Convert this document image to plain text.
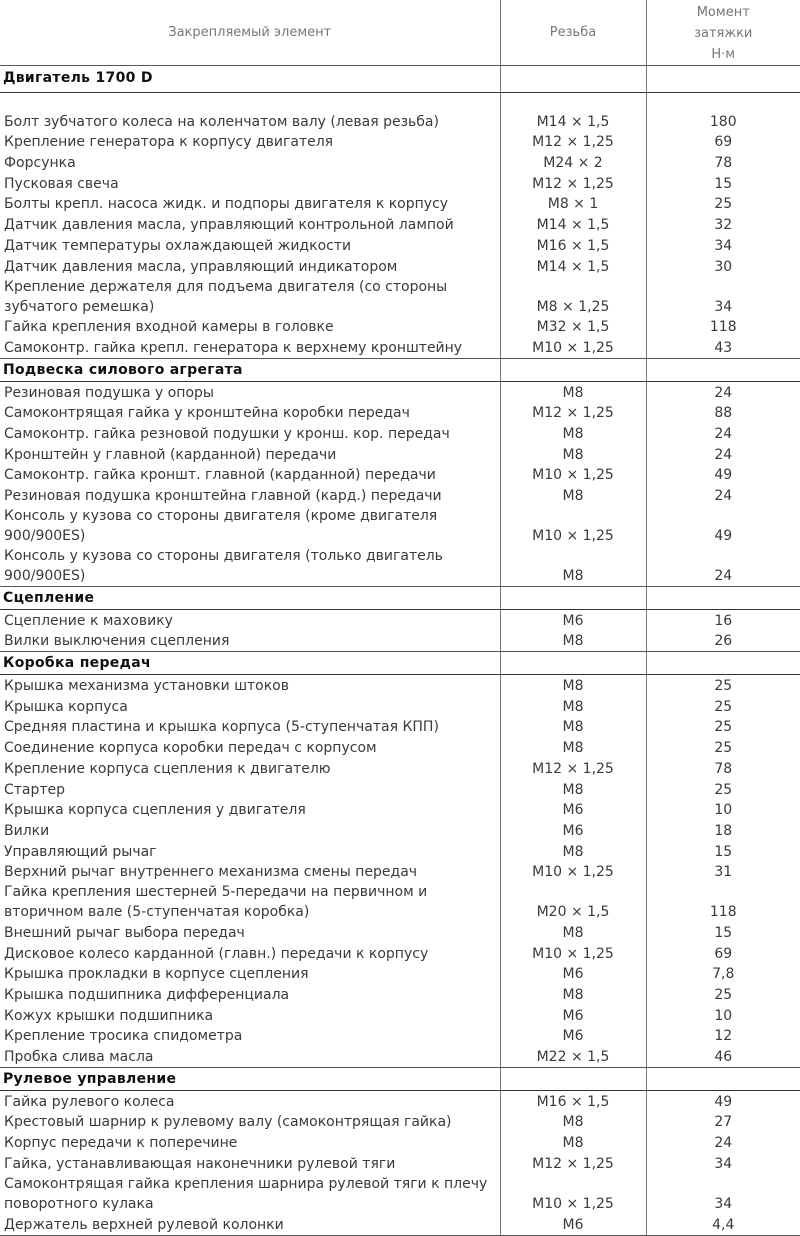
Закрепляемый элемент	Резьба	Момент
затяжки
Н·м

Двигатель 1700 D		

Болт зубчатого колеса на коленчатом валу (левая резьба)	M14 × 1,5	180
Крепление генератора к корпусу двигателя	M12 × 1,25	69
Форсунка	M24 × 2	78
Пусковая свеча	M12 × 1,25	15
Болты крепл. насоса жидк. и подпоры двигателя к корпусу	M8 × 1	25
Датчик давления масла, управляющий контрольной лампой	M14 × 1,5	32
Датчик температуры охлаждающей жидкости	M16 × 1,5	34
Датчик давления масла, управляющий индикатором	M14 × 1,5	30
Крепление держателя для подъема двигателя (со стороны зубчатого ремешка)	M8 × 1,25	34
Гайка крепления входной камеры в головке	M32 × 1,5	118
Самоконтр. гайка крепл. генератора к верхнему кронштейну	M10 × 1,25	43
Подвеска силового агрегата		
Резиновая подушка у опоры	M8	24
Самоконтрящая гайка у кронштейна коробки передач	M12 × 1,25	88
Самоконтр. гайка резновой подушки у кронш. кор. передач	M8	24
Кронштейн у главной (карданной) передачи	M8	24
Самоконтр. гайка кроншт. главной (карданной) передачи	M10 × 1,25	49
Резиновая подушка кронштейна главной (кард.) передачи	M8	24
Консоль у кузова со стороны двигателя (кроме двигателя 900/900ES)	M10 × 1,25	49
Консоль у кузова со стороны двигателя (только двигатель 900/900ES)	M8	24
Сцепление		
Сцепление к маховику	M6	16
Вилки выключения сцепления	M8	26
Коробка передач		
Крышка механизма установки штоков	M8	25
Крышка корпуса	M8	25
Средняя пластина и крышка корпуса (5-ступенчатая КПП)	M8	25
Соединение корпуса коробки передач с корпусом	M8	25
Крепление корпуса сцепления к двигателю	M12 × 1,25	78
Стартер	M8	25
Крышка корпуса сцепления у двигателя	M6	10
Вилки	M6	18
Управляющий рычаг	M8	15
Верхний рычаг внутреннего механизма смены передач	M10 × 1,25	31
Гайка крепления шестерней 5-передачи на первичном и вторичном вале (5-ступенчатая коробка)	M20 × 1,5	118
Внешний рычаг выбора передач	M8	15
Дисковое колесо карданной (главн.) передачи к корпусу	M10 × 1,25	69
Крышка прокладки в корпусе сцепления	M6	7,8
Крышка подшипника дифференциала	M8	25
Кожух крышки подшипника	M6	10
Крепление тросика спидометра	M6	12
Пробка слива масла	M22 × 1,5	46
Рулевое управление		
Гайка рулевого колеса	M16 × 1,5	49
Крестовый шарнир к рулевому валу (самоконтрящая гайка)	M8	27
Корпус передачи к поперечине	M8	24
Гайка, устанавливающая наконечники рулевой тяги	M12 × 1,25	34
Самоконтрящая гайка крепления шарнира рулевой тяги к плечу поворотного кулака	M10 × 1,25	34
Держатель верхней рулевой колонки	M6	4,4
